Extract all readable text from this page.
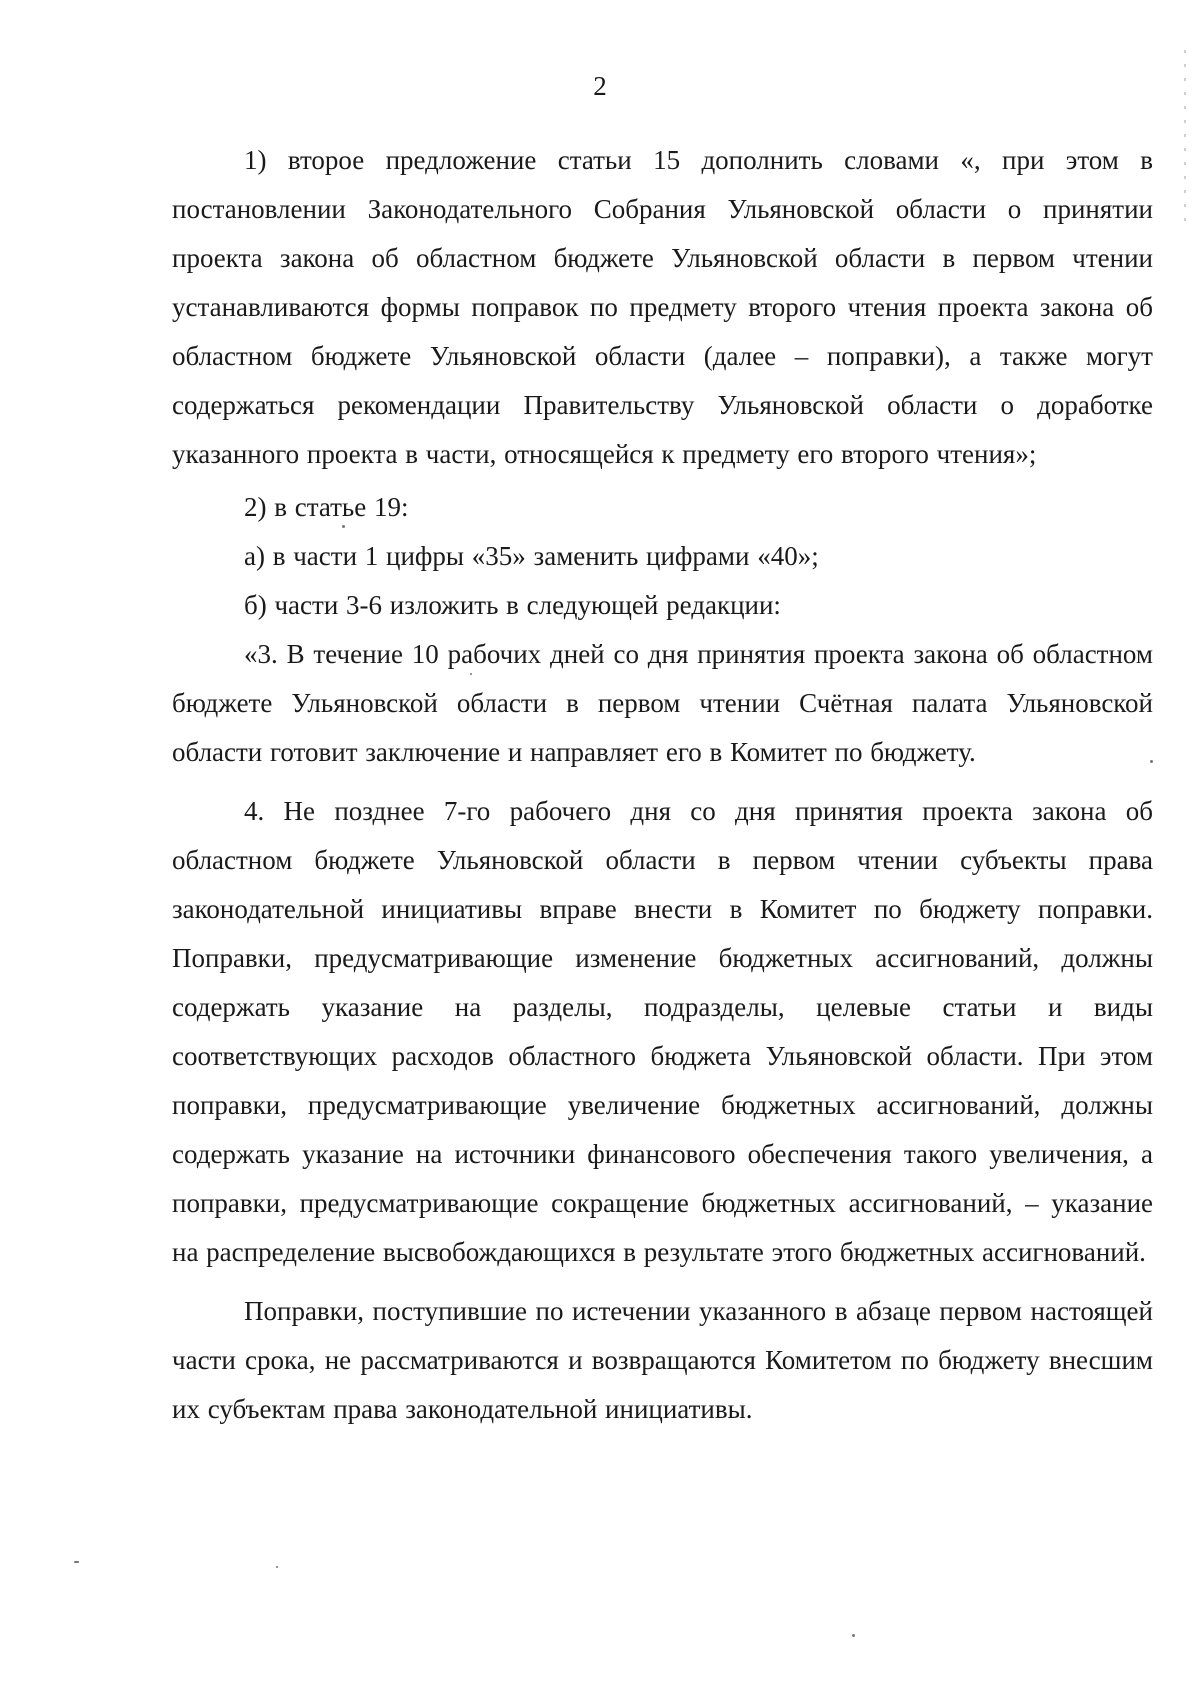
2

1) второе предложение статьи 15 дополнить словами «, при этом в постановлении Законодательного Собрания Ульяновской области о принятии проекта закона об областном бюджете Ульяновской области в первом чтении устанавливаются формы поправок по предмету второго чтения проекта закона об областном бюджете Ульяновской области (далее – поправки), а также могут содержаться рекомендации Правительству Ульяновской области о доработке указанного проекта в части, относящейся к предмету его второго чтения»;

2) в статье 19:

а) в части 1 цифры «35» заменить цифрами «40»;

б) части 3-6 изложить в следующей редакции:

«3. В течение 10 рабочих дней со дня принятия проекта закона об областном бюджете Ульяновской области в первом чтении Счётная палата Ульяновской области готовит заключение и направляет его в Комитет по бюджету.

4. Не позднее 7-го рабочего дня со дня принятия проекта закона об областном бюджете Ульяновской области в первом чтении субъекты права законодательной инициативы вправе внести в Комитет по бюджету поправки. Поправки, предусматривающие изменение бюджетных ассигнований, должны содержать указание на разделы, подразделы, целевые статьи и виды соответствующих расходов областного бюджета Ульяновской области. При этом поправки, предусматривающие увеличение бюджетных ассигнований, должны содержать указание на источники финансового обеспечения такого увеличения, а поправки, предусматривающие сокращение бюджетных ассигнований, – указание на распределение высвобождающихся в результате этого бюджетных ассигнований.

Поправки, поступившие по истечении указанного в абзаце первом настоящей части срока, не рассматриваются и возвращаются Комитетом по бюджету внесшим их субъектам права законодательной инициативы.
